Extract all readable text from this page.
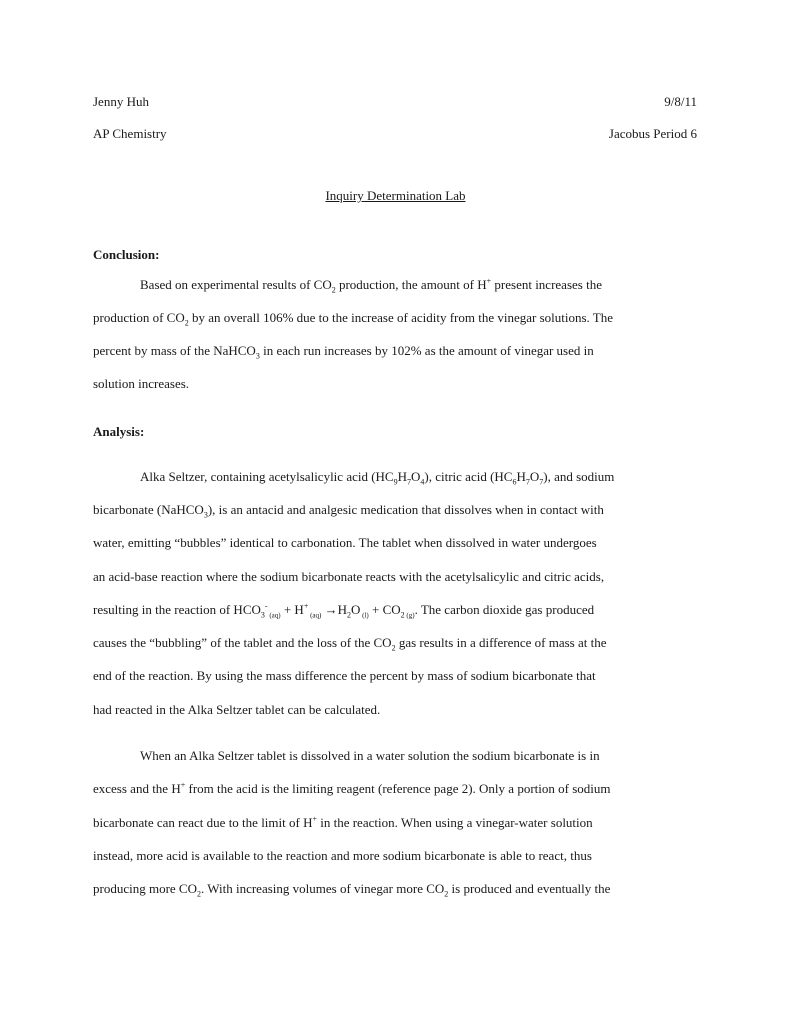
Jenny Huh	9/8/11
AP Chemistry	Jacobus Period 6
Inquiry Determination Lab
Conclusion:
Based on experimental results of $CO_2$ production, the amount of H+ present increases the
production of $CO_2$ by an overall 106% due to the increase of acidity from the vinegar solutions. The
percent by mass of the NaHCO$_3$ in each run increases by 102% as the amount of vinegar used in
solution increases.
Analysis:
Alka Seltzer, containing acetylsalicylic acid $(HC_9H_7O_4)$, citric acid $(HC_6H_7O_7)$, and sodium
bicarbonate (NaHCO$_3$), is an antacid and analgesic medication that dissolves when in contact with
water, emitting “bubbles” identical to carbonation. The tablet when dissolved in water undergoes
an acid-base reaction where the sodium bicarbonate reacts with the acetylsalicylic and citric acids,
resulting in the reaction of $HCO_3^-$ $_{(aq)}$ + H+ $_{(aq)} \to H_2O$ $_{(l)} + CO_2$ $_{(g)}$. The carbon dioxide gas produced
causes the “bubbling” of the tablet and the loss of the $CO_2$ gas results in a difference of mass at the
end of the reaction. By using the mass difference the percent by mass of sodium bicarbonate that
had reacted in the Alka Seltzer tablet can be calculated.
When an Alka Seltzer tablet is dissolved in a water solution the sodium bicarbonate is in
excess and the H+ from the acid is the limiting reagent (reference page 2). Only a portion of sodium
bicarbonate can react due to the limit of H+ in the reaction. When using a vinegar-water solution
instead, more acid is available to the reaction and more sodium bicarbonate is able to react, thus
producing more $CO_2$. With increasing volumes of vinegar more $CO_2$ is produced and eventually the
